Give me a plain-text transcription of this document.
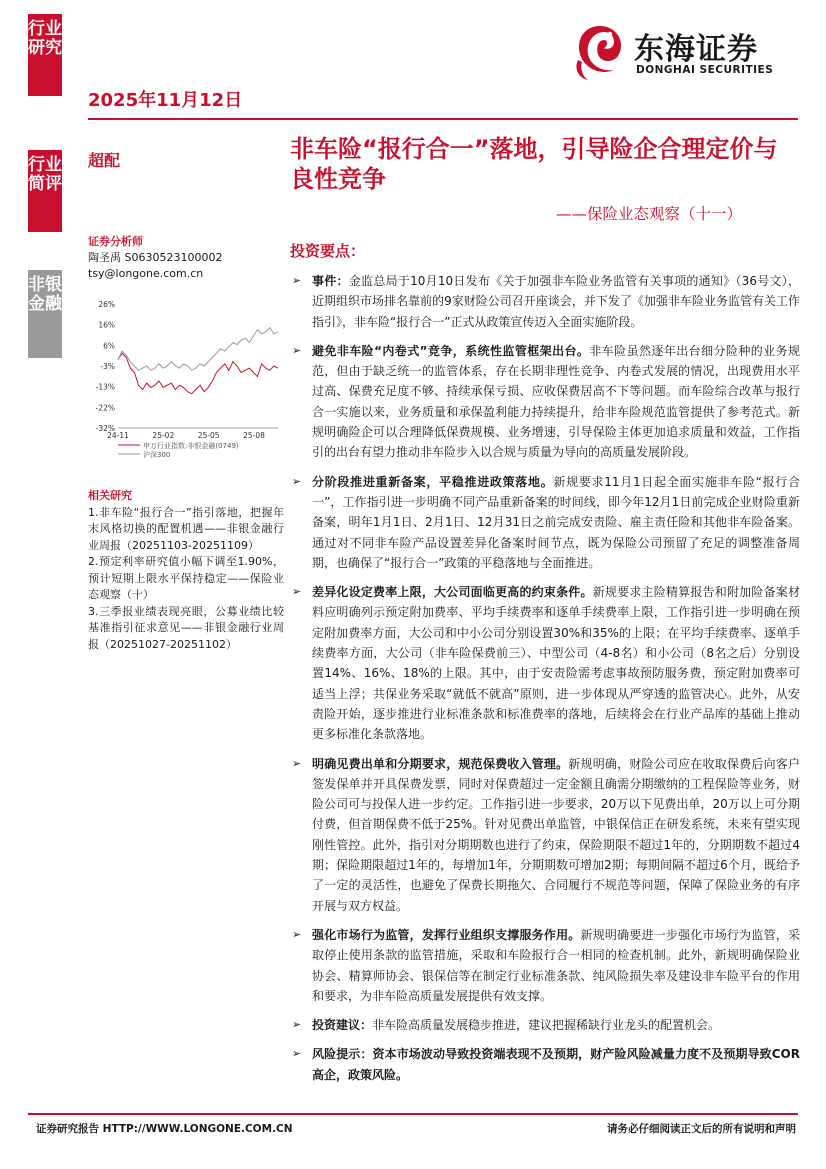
行业研究
行业简评
非银金融
2025年11月12日
东海证券
DONGHAI SECURITIES
超配	非车险“报行合一”落地，引导险企合理定价与良性竞争
——保险业态观察（十一）
证券分析师
陶圣禹 S0630523100002
tsy@longone.com.cn
26%
16%
6%
-3%
-13%
-22%
-32%
24-11	25-02	25-05	25-08
申万行业指数:非银金融(0749)
沪深300
相关研究

1.非车险“报行合一”指引落地，把握年末风格切换的配置机遇——非银金融行业周报（20251103-20251109）

2.预定利率研究值小幅下调至1.90%，预计短期上限水平保持稳定——保险业态观察（十）

3.三季报业绩表现亮眼，公募业绩比较基准指引征求意见——非银金融行业周报（20251027-20251102）

投资要点：
➢ 事件：金监总局于10月10日发布《关于加强非车险业务监管有关事项的通知》（36号文），近期组织市场排名靠前的9家财险公司召开座谈会，并下发了《加强非车险业务监管有关工作指引》，非车险“报行合一”正式从政策宣传迈入全面实施阶段。
➢ 避免非车险“内卷式”竞争，系统性监管框架出台。非车险虽然逐年出台细分险种的业务规范，但由于缺乏统一的监管体系，存在长期非理性竞争、内卷式发展的情况，出现费用水平过高、保费充足度不够、持续承保亏损、应收保费居高不下等问题。而车险综合改革与报行合一实施以来，业务质量和承保盈利能力持续提升，给非车险规范监管提供了参考范式。新规明确险企可以合理降低保费规模、业务增速，引导保险主体更加追求质量和效益，工作指引的出台有望力推动非车险步入以合规与质量为导向的高质量发展阶段。
➢ 分阶段推进重新备案，平稳推进政策落地。新规要求11月1日起全面实施非车险“报行合一”，工作指引进一步明确不同产品重新备案的时间线，即今年12月1日前完成企业财险重新备案，明年1月1日、2月1日、12月31日之前完成安责险、雇主责任险和其他非车险备案。通过对不同非车险产品设置差异化备案时间节点，既为保险公司预留了充足的调整准备周期，也确保了“报行合一”政策的平稳落地与全面推进。
➢ 差异化设定费率上限，大公司面临更高的约束条件。新规要求主险精算报告和附加险备案材料应明确列示预定附加费率、平均手续费率和逐单手续费率上限，工作指引进一步明确在预定附加费率方面，大公司和中小公司分别设置30%和35%的上限；在平均手续费率、逐单手续费率方面，大公司（非车险保费前三）、中型公司（4-8名）和小公司（8名之后）分别设置14%、16%、18%的上限。其中，由于安责险需考虑事故预防服务费，预定附加费率可适当上浮；共保业务采取“就低不就高”原则，进一步体现从严穿透的监管决心。此外，从安责险开始，逐步推进行业标准条款和标准费率的落地，后续将会在行业产品库的基础上推动更多标准化条款落地。
➢ 明确见费出单和分期要求，规范保费收入管理。新规明确，财险公司应在收取保费后向客户签发保单并开具保费发票，同时对保费超过一定金额且确需分期缴纳的工程保险等业务，财险公司可与投保人进一步约定。工作指引进一步要求，20万以下见费出单，20万以上可分期付费，但首期保费不低于25%。针对见费出单监管，中银保信正在研发系统，未来有望实现刚性管控。此外，指引对分期期数也进行了约束，保险期限不超过1年的，分期期数不超过4期；保险期限超过1年的，每增加1年，分期期数可增加2期；每期间隔不超过6个月，既给予了一定的灵活性，也避免了保费长期拖欠、合同履行不规范等问题，保障了保险业务的有序开展与双方权益。
➢ 强化市场行为监管，发挥行业组织支撑服务作用。新规明确要进一步强化市场行为监管，采取停止使用条款的监管措施，采取和车险报行合一相同的检查机制。此外，新规明确保险业协会、精算师协会、银保信等在制定行业标准条款、纯风险损失率及建设非车险平台的作用和要求，为非车险高质量发展提供有效支撑。
➢ 投资建议：非车险高质量发展稳步推进，建议把握稀缺行业龙头的配置机会。
➢ 风险提示：资本市场波动导致投资端表现不及预期，财产险风险减量力度不及预期导致COR高企，政策风险。
证券研究报告 HTTP://WWW.LONGONE.COM.CN	请务必仔细阅读正文后的所有说明和声明
